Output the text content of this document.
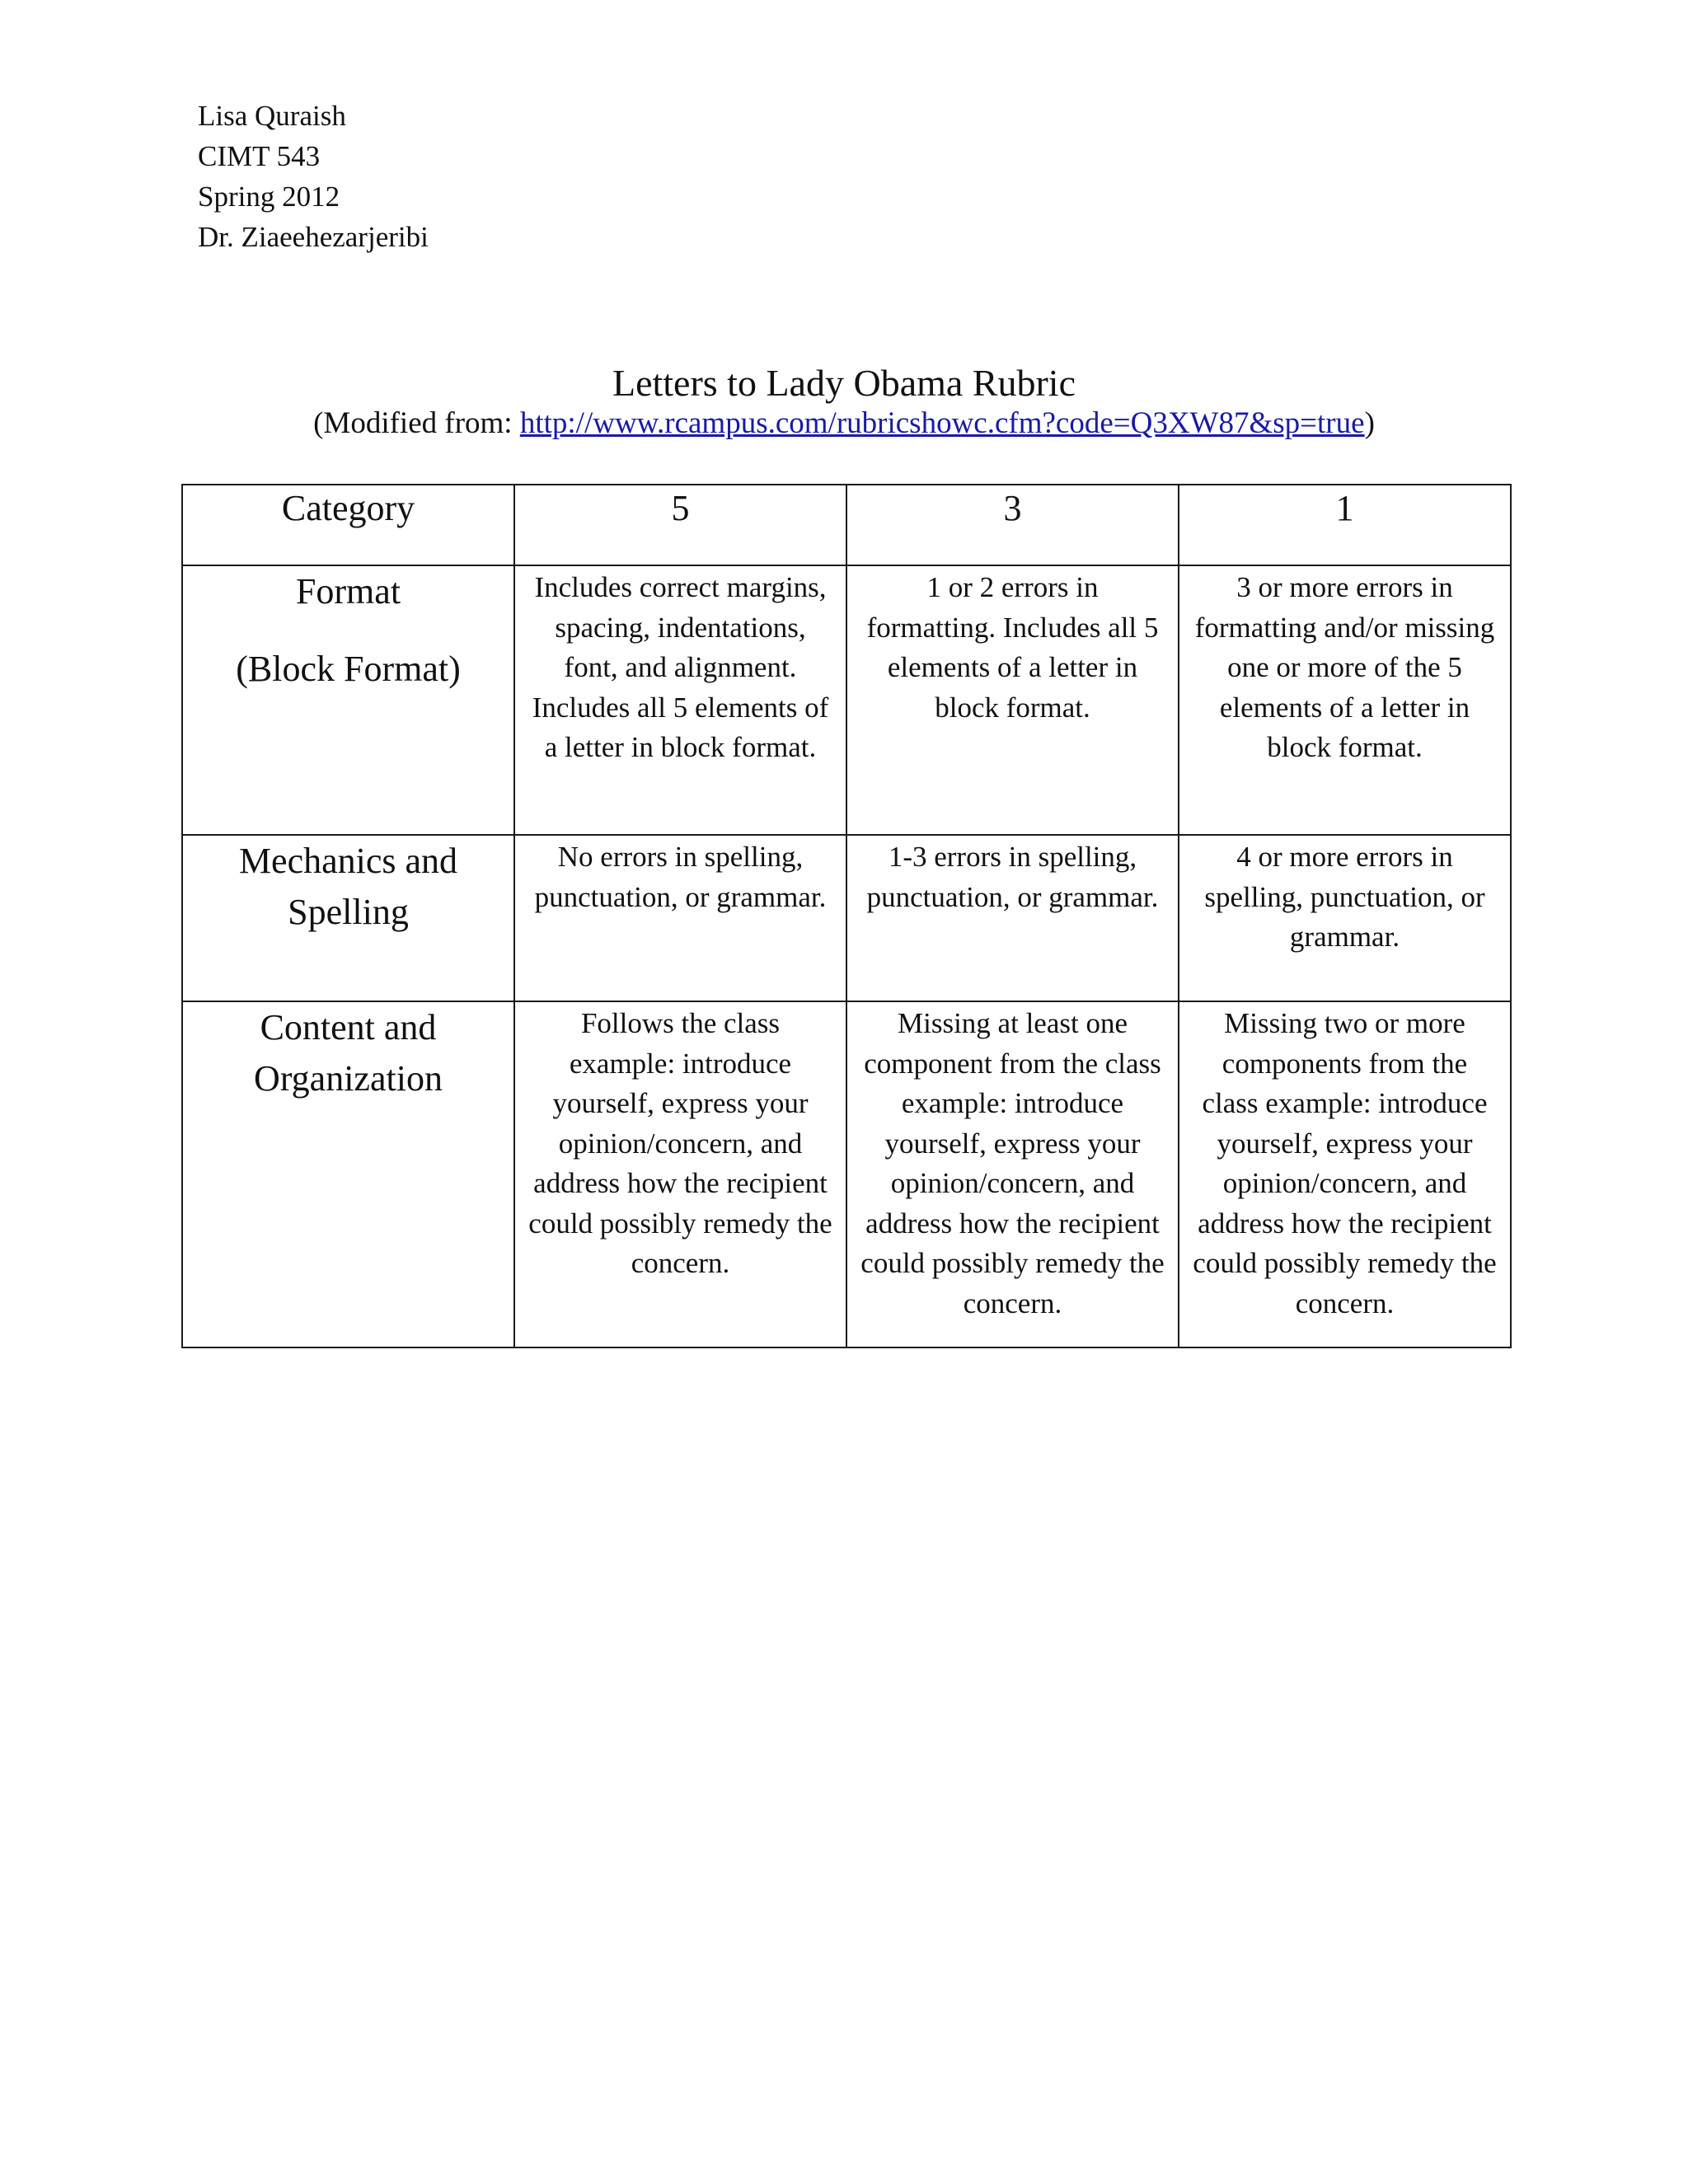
Lisa Quraish
CIMT 543
Spring 2012
Dr. Ziaeehezarjeribi
Letters to Lady Obama Rubric
(Modified from: http://www.rcampus.com/rubricshowc.cfm?code=Q3XW87&sp=true)
Category	5	3	1

Format
(Block Format)	Includes correct margins, spacing, indentations, font, and alignment. Includes all 5 elements of a letter in block format.	1 or 2 errors in formatting. Includes all 5 elements of a letter in block format.	3 or more errors in formatting and/or missing one or more of the 5 elements of a letter in block format.

Mechanics and
Spelling	No errors in spelling, punctuation, or grammar.	1-3 errors in spelling, punctuation, or grammar.	4 or more errors in spelling, punctuation, or grammar.

Content and
Organization	Follows the class example: introduce yourself, express your opinion/concern, and address how the recipient could possibly remedy the concern.	Missing at least one component from the class example: introduce yourself, express your opinion/concern, and address how the recipient could possibly remedy the concern.	Missing two or more components from the class example: introduce yourself, express your opinion/concern, and address how the recipient could possibly remedy the concern.
